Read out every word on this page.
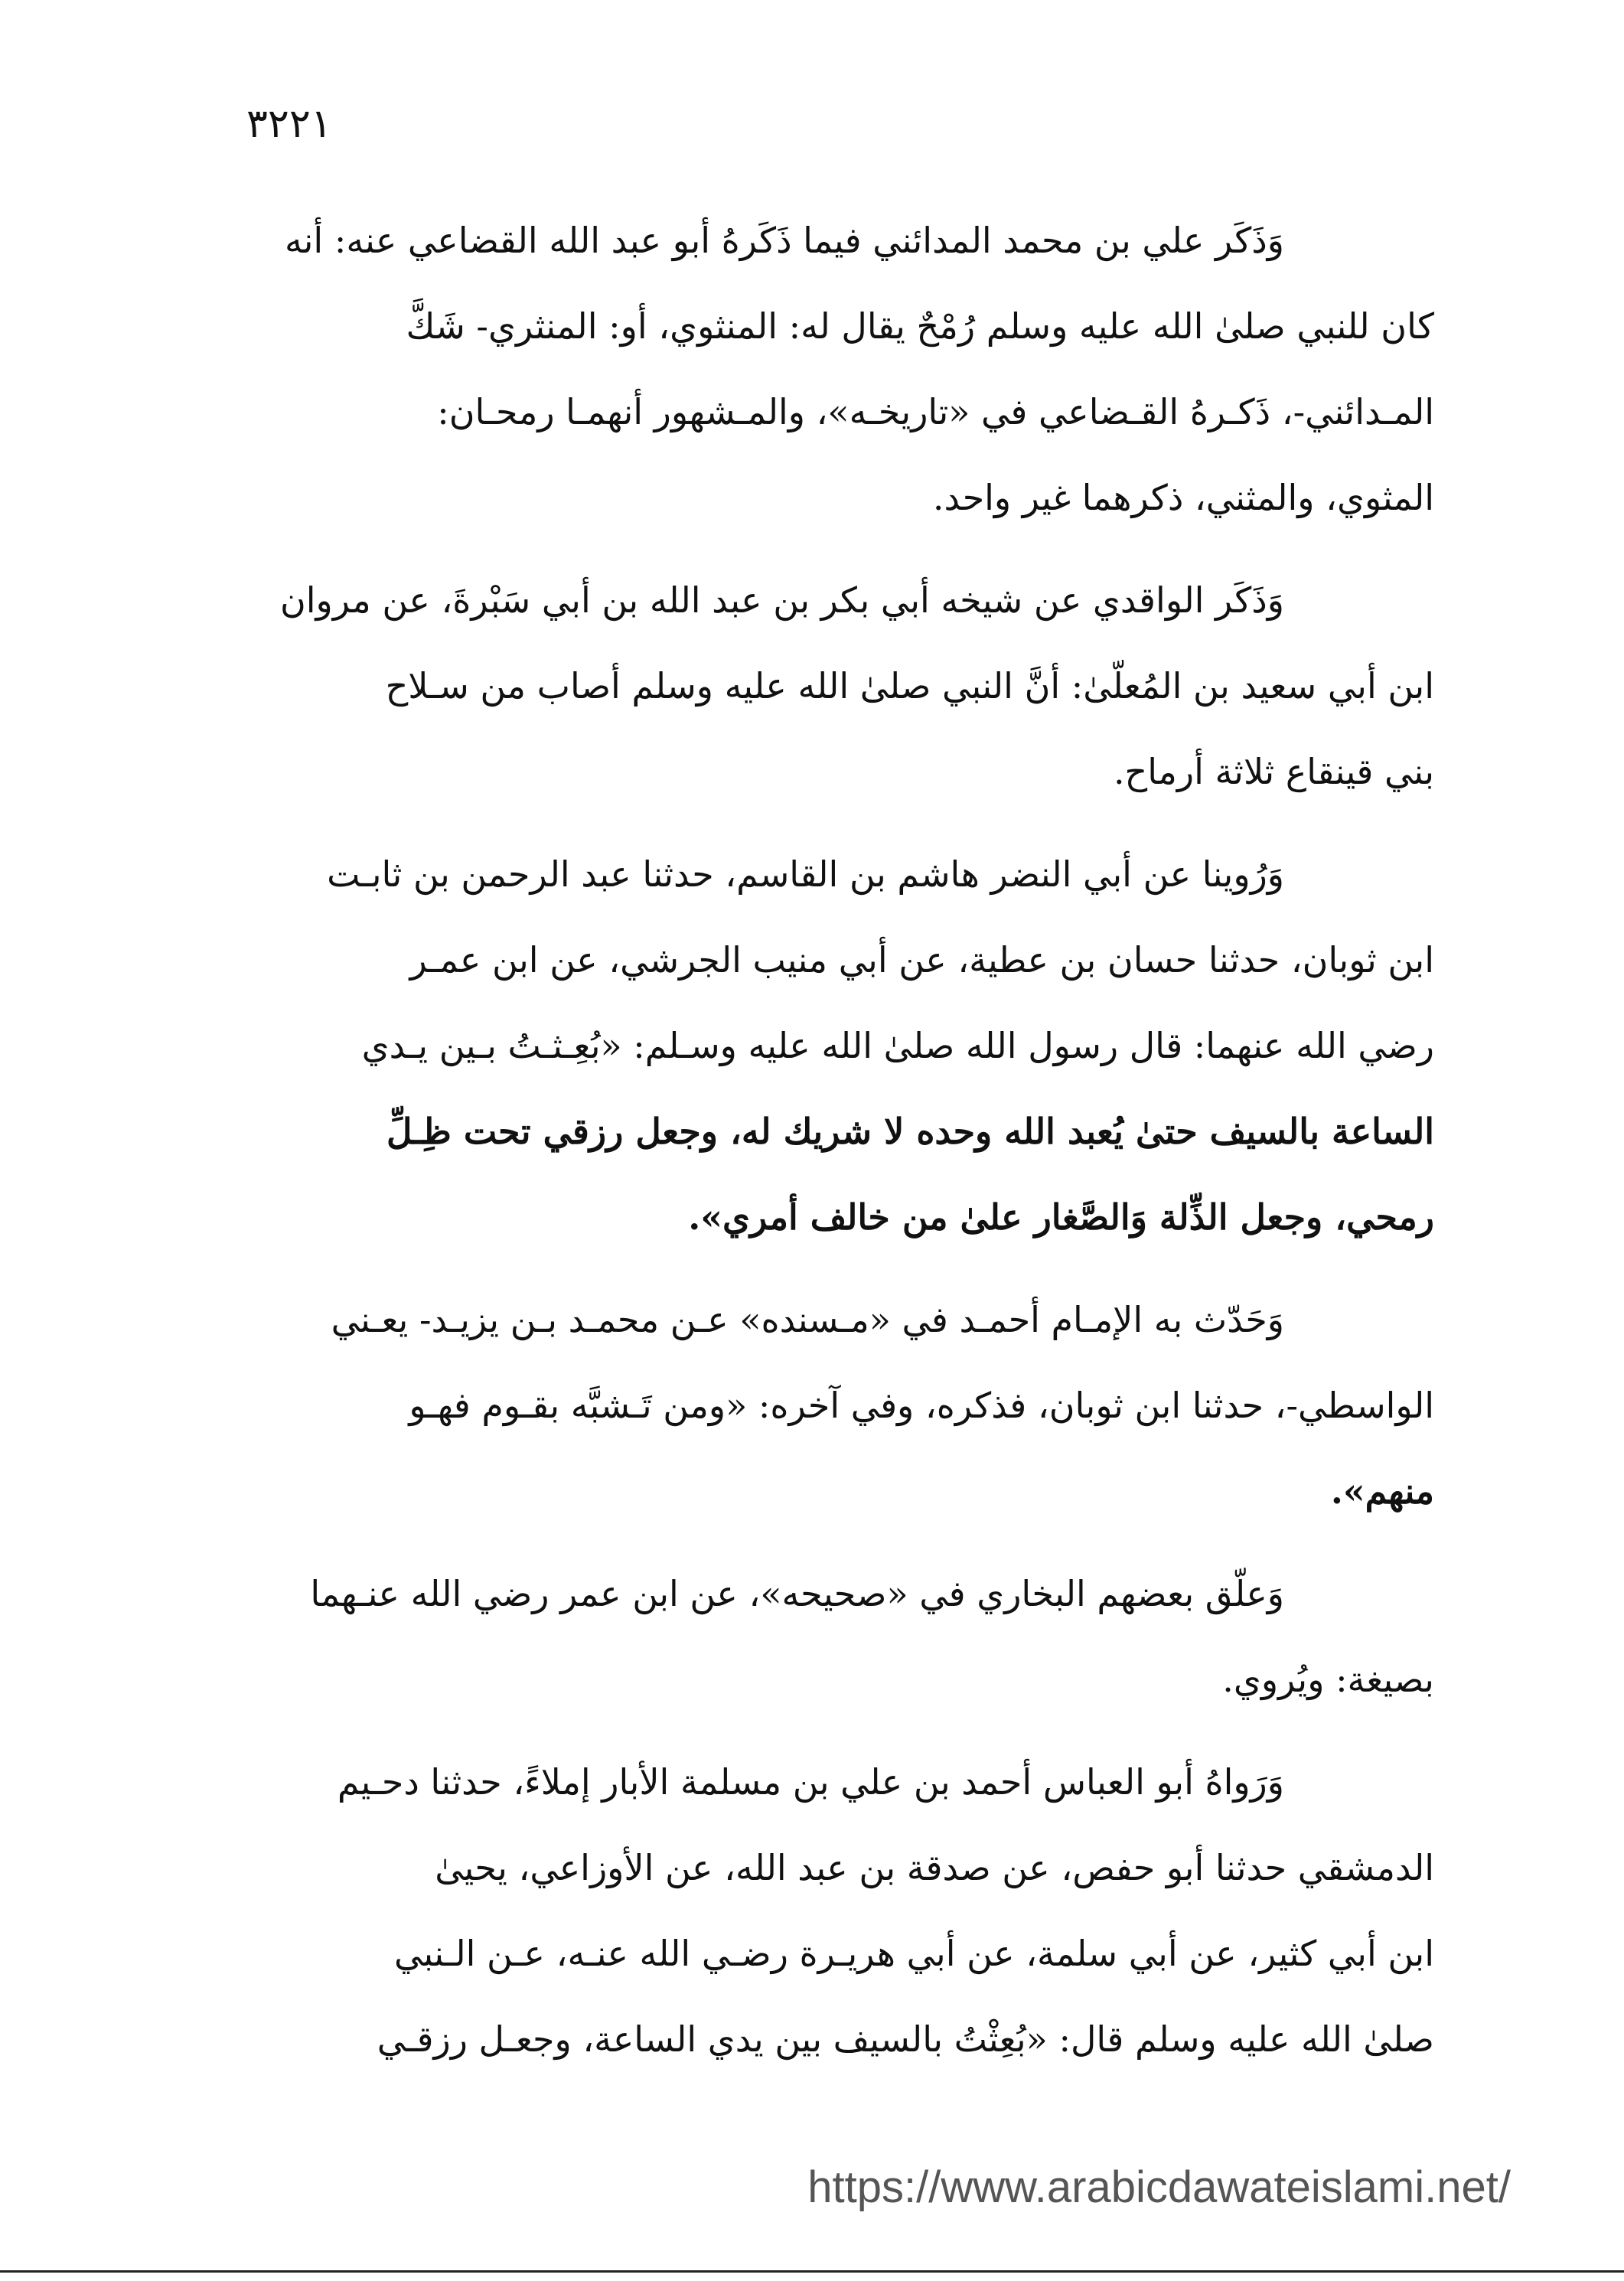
٣٢٢١

وَذَكَر علي بن محمد المدائني فيما ذَكَرهُ أبو عبد الله القضاعي عنه: أنه
كان للنبي صلىٰ الله عليه وسلم رُمْحٌ يقال له: المنثوي، أو: المنثري- شَكَّ
المـدائني-، ذَكـرهُ القـضاعي في «تاريخـه»، والمـشهور أنهمـا رمحـان:
المثوي، والمثني، ذكرهما غير واحد.

وَذَكَر الواقدي عن شيخه أبي بكر بن عبد الله بن أبي سَبْرةَ، عن مروان
ابن أبي سعيد بن المُعلّىٰ: أنَّ النبي صلىٰ الله عليه وسلم أصاب من سـلاح
بني قينقاع ثلاثة أرماح.

وَرُوينا عن أبي النضر هاشم بن القاسم، حدثنا عبد الرحمن بن ثابـت
ابن ثوبان، حدثنا حسان بن عطية، عن أبي منيب الجرشي، عن ابن عمـر
رضي الله عنهما: قال رسول الله صلىٰ الله عليه وسـلم: «بُعِـثـتُ بـين يـدي
الساعة بالسيف حتىٰ يُعبد الله وحده لا شريك له، وجعل رزقي تحت ظِـلِّ
رمحي، وجعل الذِّلة وَالصَّغار علىٰ من خالف أمري».

وَحَدّث به الإمـام أحمـد في «مـسنده» عـن محمـد بـن يزيـد- يعـني
الواسطي-، حدثنا ابن ثوبان، فذكره، وفي آخره: «ومن تَـشبَّه بقـوم فهـو
منهم».

وَعلّق بعضهم البخاري في «صحيحه»، عن ابن عمر رضي الله عنـهما
بصيغة: ويُروي.

وَرَواهُ أبو العباس أحمد بن علي بن مسلمة الأبار إملاءً، حدثنا دحـيم
الدمشقي حدثنا أبو حفص، عن صدقة بن عبد الله، عن الأوزاعي، يحيىٰ
ابن أبي كثير، عن أبي سلمة، عن أبي هريـرة رضـي الله عنـه، عـن الـنبي
صلىٰ الله عليه وسلم قال: «بُعِثْتُ بالسيف بين يدي الساعة، وجعـل رزقـي

https://www.arabicdawateislami.net/
